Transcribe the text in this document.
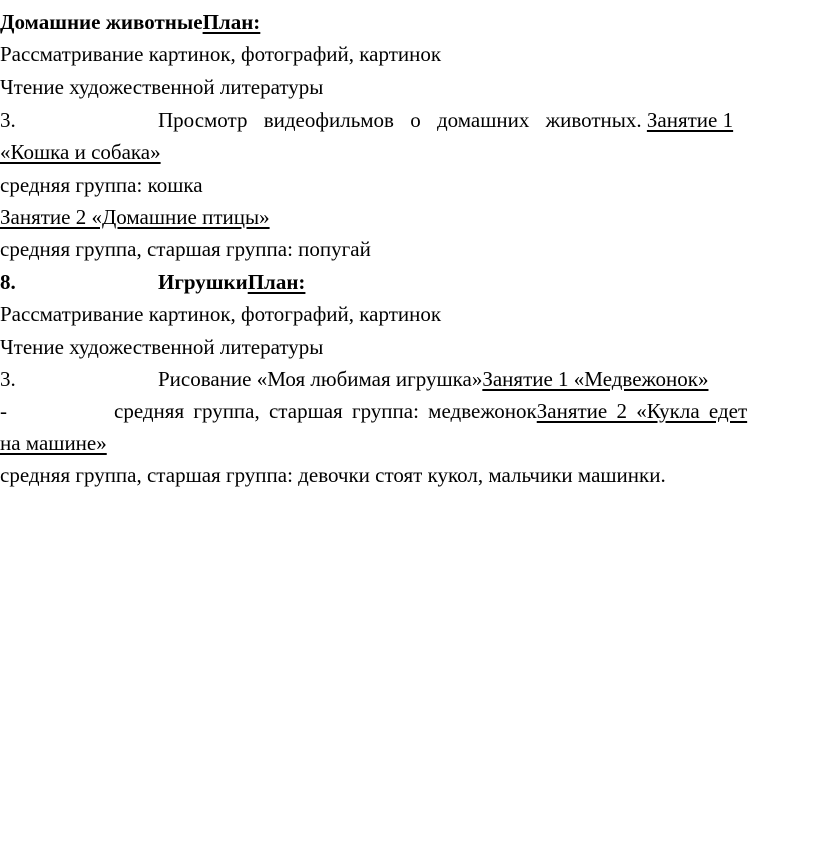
Домашние животныеПлан:
Рассматривание картинок, фотографий, картинок
Чтение художественной литературы
3.	Просмотр видеофильмов о домашних животных. Занятие 1
«Кошка и собака»
средняя группа: кошка
Занятие 2 «Домашние птицы»
средняя группа, старшая группа: попугай
8.	ИгрушкиПлан:
Рассматривание картинок, фотографий, картинок
Чтение художественной литературы
3.	Рисование «Моя любимая игрушка»Занятие 1 «Медвежонок»
-	средняя группа, старшая группа: медвежонокЗанятие 2 «Кукла едет
на машине»
средняя группа, старшая группа: девочки стоят кукол, мальчики машинки.
